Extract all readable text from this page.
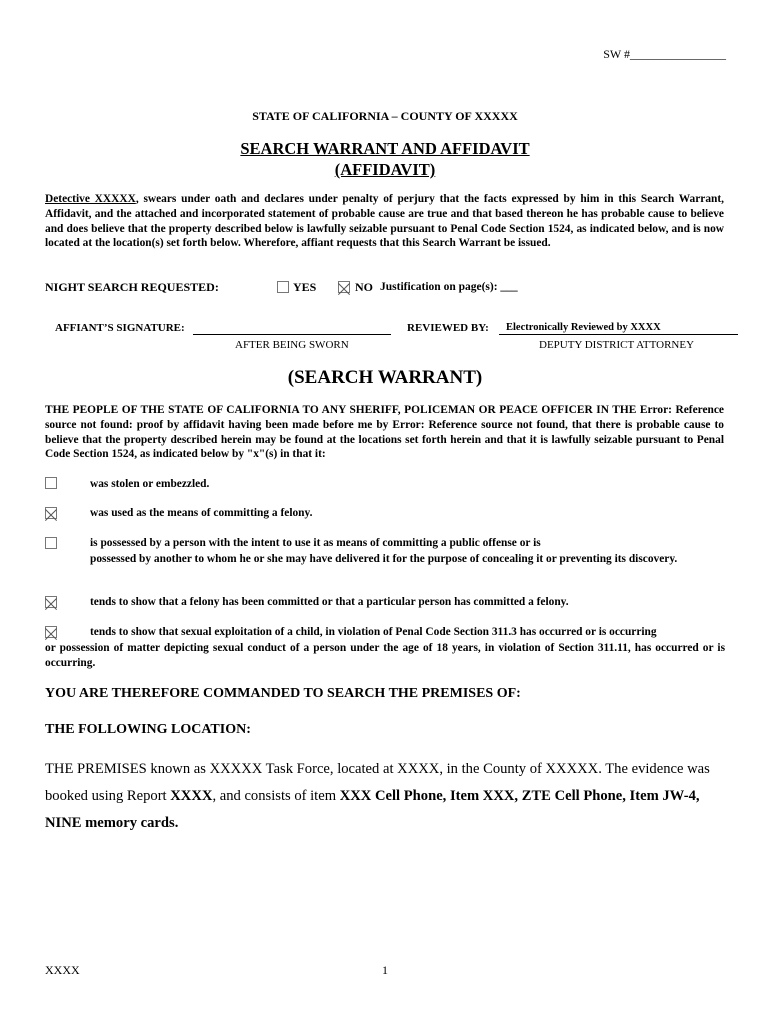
SW #________________
STATE OF CALIFORNIA – COUNTY OF XXXXX
SEARCH WARRANT AND AFFIDAVIT
(AFFIDAVIT)
Detective XXXXX, swears under oath and declares under penalty of perjury that the facts expressed by him in this Search Warrant, Affidavit, and the attached and incorporated statement of probable cause are true and that based thereon he has probable cause to believe and does believe that the property described below is lawfully seizable pursuant to Penal Code Section 1524, as indicated below, and is now located at the location(s) set forth below. Wherefore, affiant requests that this Search Warrant be issued.
NIGHT SEARCH REQUESTED:	YES	NO Justification on page(s): ___
AFFIANT’S SIGNATURE:
AFTER BEING SWORN
REVIEWED BY: Electronically Reviewed by XXXX
DEPUTY DISTRICT ATTORNEY
(SEARCH WARRANT)
THE PEOPLE OF THE STATE OF CALIFORNIA TO ANY SHERIFF, POLICEMAN OR PEACE OFFICER IN THE Error: Reference source not found: proof by affidavit having been made before me by Error: Reference source not found, that there is probable cause to believe that the property described herein may be found at the locations set forth herein and that it is lawfully seizable pursuant to Penal Code Section 1524, as indicated below by "x"(s) in that it:
was stolen or embezzled.
was used as the means of committing a felony.
is possessed by a person with the intent to use it as means of committing a public offense or is
possessed by another to whom he or she may have delivered it for the purpose of concealing it or preventing its discovery.
tends to show that a felony has been committed or that a particular person has committed a felony.
tends to show that sexual exploitation of a child, in violation of Penal Code Section 311.3 has occurred or is occurring
or possession of matter depicting sexual conduct of a person under the age of 18 years, in violation of Section 311.11, has occurred or is occurring.
YOU ARE THEREFORE COMMANDED TO SEARCH THE PREMISES OF:
THE FOLLOWING LOCATION:
THE PREMISES known as XXXXX Task Force, located at XXXX, in the County of XXXXX. The evidence was booked using Report XXXX, and consists of item XXX Cell Phone, Item XXX, ZTE Cell Phone, Item JW-4, NINE memory cards.
XXXX	1
